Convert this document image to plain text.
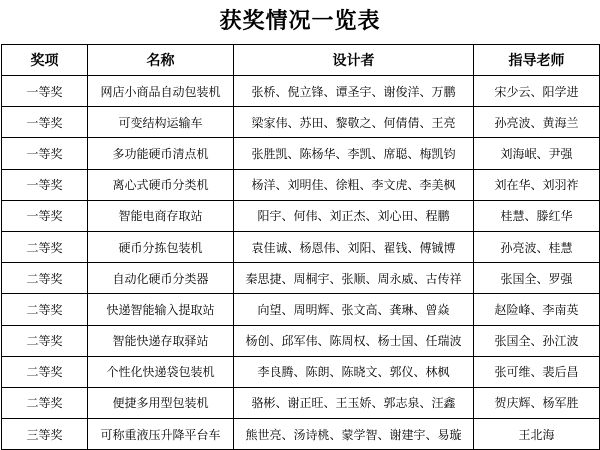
获奖情况一览表
奖项	名称	设计者	指导老师
一等奖	网店小商品自动包装机	张桥、倪立锋、谭圣宇、谢俊洋、万鹏	宋少云、阳学进
一等奖	可变结构运输车	梁家伟、苏田、黎敬之、何倩倩、王亮	孙亮波、黄海兰
一等奖	多功能硬币清点机	张胜凯、陈杨华、李凯、席聪、梅凯钧	刘海岷、尹强
一等奖	离心式硬币分类机	杨洋、刘明佳、徐粗、李文虎、李美枫	刘在华、刘羽祚
一等奖	智能电商存取站	阳宇、何伟、刘正杰、刘心田、程鹏	桂慧、滕红华
二等奖	硬币分拣包装机	袁佳诚、杨恩伟、刘阳、翟钱、傅铖博	孙亮波、桂慧
二等奖	自动化硬币分类器	秦思捷、周桐宇、张顺、周永威、古传祥	张国全、罗强
二等奖	快递智能输入提取站	向望、周明辉、张文高、龚琳、曾焱	赵险峰、李南英
二等奖	智能快递存取驿站	杨创、邱军伟、陈周权、杨士国、任瑞波	张国全、孙江波
二等奖	个性化快递袋包装机	李良腾、陈朗、陈晓文、郭仪、林枫	张可维、裴后昌
二等奖	便捷多用型包装机	骆彬、谢正旺、王玉娇、郭志泉、汪鑫	贺庆辉、杨军胜
三等奖	可称重液压升降平台车	熊世亮、汤诗桃、蒙学智、谢建宇、易璇	王北海
